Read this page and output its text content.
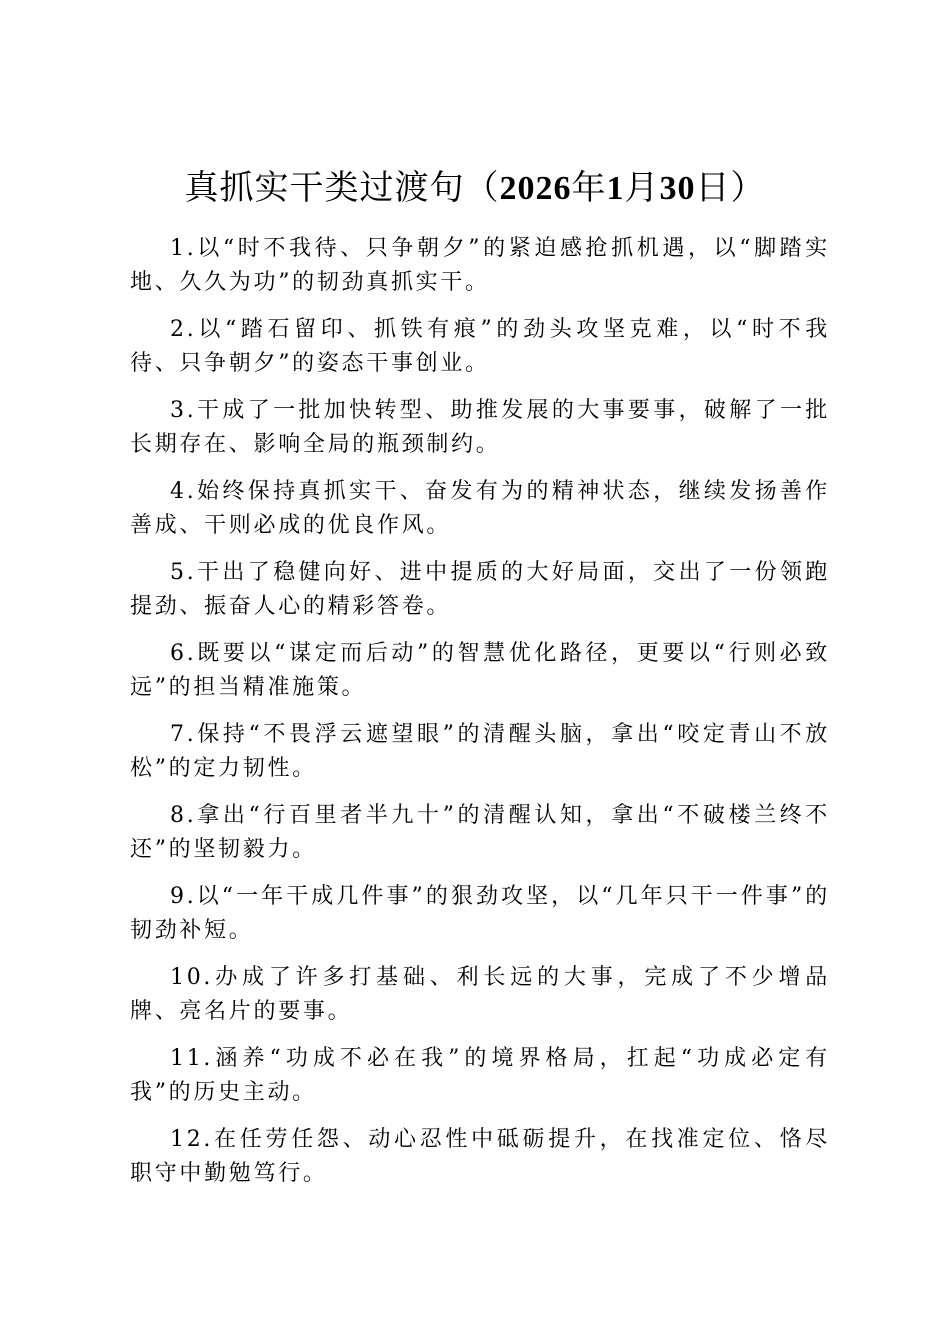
真抓实干类过渡句（2026年1月30日）

1.以“时不我待、只争朝夕”的紧迫感抢抓机遇，以“脚踏实地、久久为功”的韧劲真抓实干。

2.以“踏石留印、抓铁有痕”的劲头攻坚克难，以“时不我待、只争朝夕”的姿态干事创业。

3.干成了一批加快转型、助推发展的大事要事，破解了一批长期存在、影响全局的瓶颈制约。

4.始终保持真抓实干、奋发有为的精神状态，继续发扬善作善成、干则必成的优良作风。

5.干出了稳健向好、进中提质的大好局面，交出了一份领跑提劲、振奋人心的精彩答卷。

6.既要以“谋定而后动”的智慧优化路径，更要以“行则必致远”的担当精准施策。

7.保持“不畏浮云遮望眼”的清醒头脑，拿出“咬定青山不放松”的定力韧性。

8.拿出“行百里者半九十”的清醒认知，拿出“不破楼兰终不还”的坚韧毅力。

9.以“一年干成几件事”的狠劲攻坚，以“几年只干一件事”的韧劲补短。

10.办成了许多打基础、利长远的大事，完成了不少增品牌、亮名片的要事。

11.涵养“功成不必在我”的境界格局，扛起“功成必定有我”的历史主动。

12.在任劳任怨、动心忍性中砥砺提升，在找准定位、恪尽职守中勤勉笃行。
